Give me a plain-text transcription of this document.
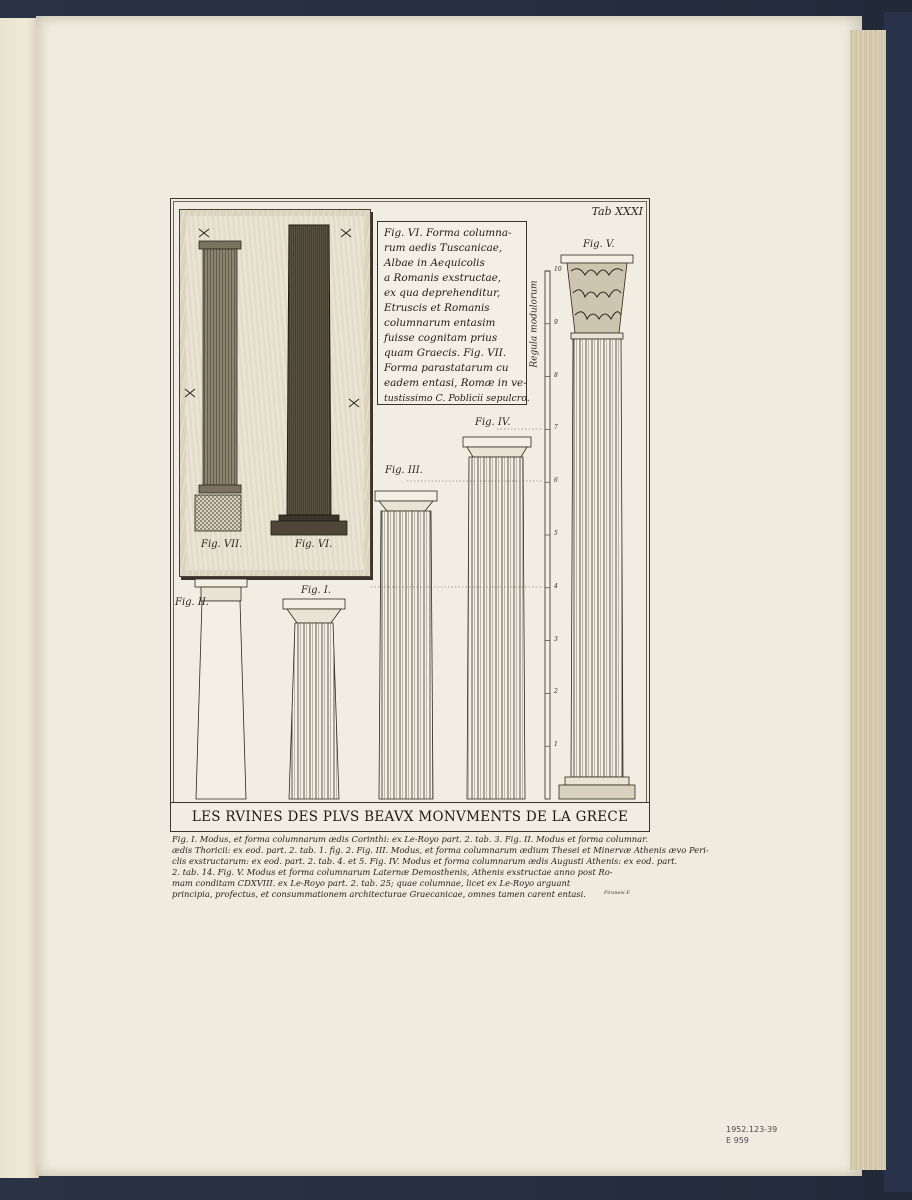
Tab XXXI
1
2
3
4
5
6
7
8
9
10
Regula modulorum
Fig. VI. Forma columna-
rum aedis Tuscanicae,
Albae in Aequicolis
a Romanis exstructae,
ex qua deprehenditur,
Etruscis et Romanis
columnarum entasim
fuisse cognitam prius
quam Graecis. Fig. VII.
Forma parastatarum cu
eadem entasi, Romæ in ve-
tustissimo C. Poblicii sepulcro.
Fig. VII.	Fig. VI.
Fig. II.
Fig. I.
Fig. III.
Fig. IV.
Fig. V.
LES RVINES DES PLVS BEAVX MONVMENTS DE LA GRECE
Fig. I. Modus, et forma columnarum ædis Corinthi: ex Le-Royo part. 2. tab. 3. Fig. II. Modus et forma columnar.
ædis Thoricii: ex eod. part. 2. tab. 1. fig. 2. Fig. III. Modus, et forma columnarum ædium Thesei et Minervæ Athenis ævo Peri-
clis exstructarum: ex eod. part. 2. tab. 4. et 5. Fig. IV. Modus et forma columnarum ædis Augusti Athenis: ex eod. part.
2. tab. 14. Fig. V. Modus et forma columnarum Laternæ Demosthenis, Athenis exstructae anno post Ro-
mam conditam CDXVIII. ex Le-Royo part. 2. tab. 25; quae columnae, licet ex Le-Royo arguant
principia, profectus, et consummationem architecturae Graecanicae, omnes tamen carent entasi.	Piranesi F.
1952.123-39
E 959
